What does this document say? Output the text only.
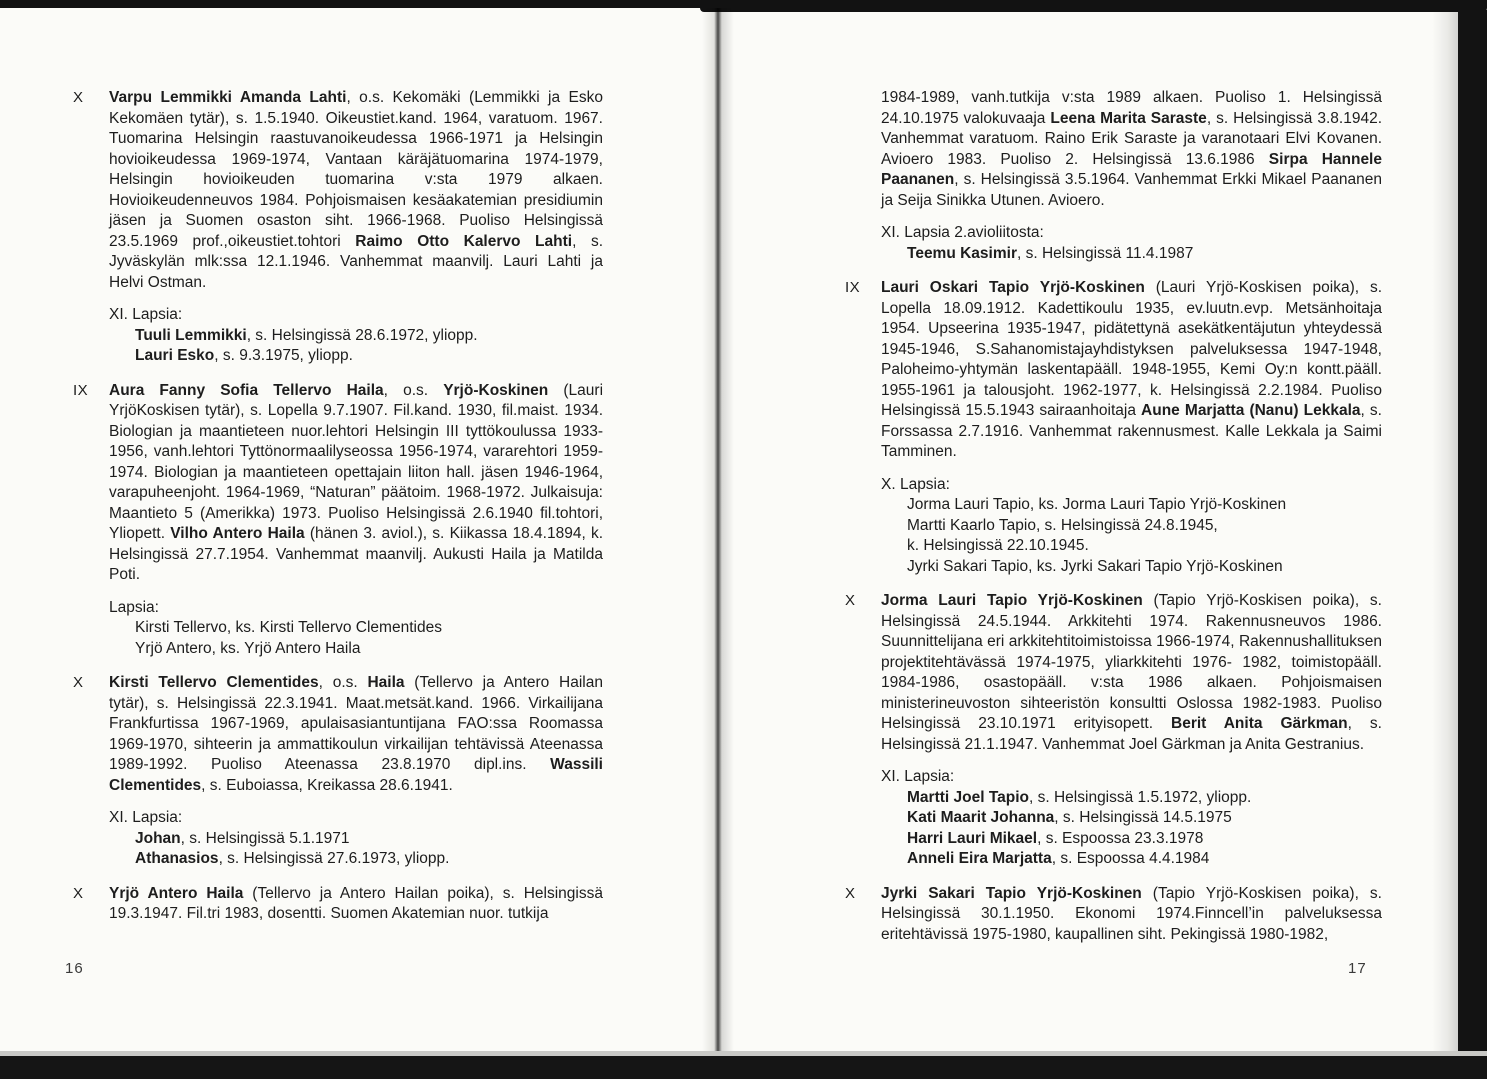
X	Varpu Lemmikki Amanda Lahti, o.s. Kekomäki (Lemmikki ja Esko Kekomäen tytär), s. 1.5.1940. Oikeustiet.kand. 1964, varatuom. 1967. Tuomarina Helsingin raastuvanoikeudessa 1966-1971 ja Helsingin hovioikeudessa 1969-1974, Vantaan käräjätuomarina 1974-1979, Helsingin hovioikeuden tuomarina v:sta 1979 alkaen. Hovioikeudenneuvos 1984. Pohjoismaisen kesäakatemian presidiumin jäsen ja Suomen osaston siht. 1966-1968. Puoliso Helsingissä 23.5.1969 prof.,oikeustiet.tohtori Raimo Otto Kalervo Lahti, s. Jyväskylän mlk:ssa 12.1.1946. Vanhemmat maanvilj. Lauri Lahti ja Helvi Ostman.
XI. Lapsia:
Tuuli Lemmikki, s. Helsingissä 28.6.1972, yliopp.
Lauri Esko, s. 9.3.1975, yliopp.
IX	Aura Fanny Sofia Tellervo Haila, o.s. Yrjö-Koskinen (Lauri YrjöKoskisen tytär), s. Lopella 9.7.1907. Fil.kand. 1930, fil.maist. 1934. Biologian ja maantieteen nuor.lehtori Helsingin III tyttökoulussa 1933-1956, vanh.lehtori Tyttönormaalilyseossa 1956-1974, vararehtori 1959-1974. Biologian ja maantieteen opettajain liiton hall. jäsen 1946-1964, varapuheenjoht. 1964-1969, “Naturan” päätoim. 1968-1972. Julkaisuja: Maantieto 5 (Amerikka) 1973. Puoliso Helsingissä 2.6.1940 fil.tohtori, Yliopett. Vilho Antero Haila (hänen 3. aviol.), s. Kiikassa 18.4.1894, k. Helsingissä 27.7.1954. Vanhemmat maanvilj. Aukusti Haila ja Matilda Poti.
Lapsia:
Kirsti Tellervo, ks. Kirsti Tellervo Clementides
Yrjö Antero, ks. Yrjö Antero Haila
X	Kirsti Tellervo Clementides, o.s. Haila (Tellervo ja Antero Hailan tytär), s. Helsingissä 22.3.1941. Maat.metsät.kand. 1966. Virkailijana Frankfurtissa 1967-1969, apulaisasiantuntijana FAO:ssa Roomassa 1969-1970, sihteerin ja ammattikoulun virkailijan tehtävissä Ateenassa 1989-1992. Puoliso Ateenassa 23.8.1970 dipl.ins. Wassili Clementides, s. Euboiassa, Kreikassa 28.6.1941.
XI. Lapsia:
Johan, s. Helsingissä 5.1.1971
Athanasios, s. Helsingissä 27.6.1973, yliopp.
X	Yrjö Antero Haila (Tellervo ja Antero Hailan poika), s. Helsingissä 19.3.1947. Fil.tri 1983, dosentti. Suomen Akatemian nuor. tutkija
16
1984-1989, vanh.tutkija v:sta 1989 alkaen. Puoliso 1. Helsingissä 24.10.1975 valokuvaaja Leena Marita Saraste, s. Helsingissä 3.8.1942. Vanhemmat varatuom. Raino Erik Saraste ja varanotaari Elvi Kovanen. Avioero 1983. Puoliso 2. Helsingissä 13.6.1986 Sirpa Hannele Paananen, s. Helsingissä 3.5.1964. Vanhemmat Erkki Mikael Paananen ja Seija Sinikka Utunen. Avioero.
XI. Lapsia 2.avioliitosta:
Teemu Kasimir, s. Helsingissä 11.4.1987
IX	Lauri Oskari Tapio Yrjö-Koskinen (Lauri Yrjö-Koskisen poika), s. Lopella 18.09.1912. Kadettikoulu 1935, ev.luutn.evp. Metsänhoitaja 1954. Upseerina 1935-1947, pidätettynä asekätkentäjutun yhteydessä 1945-1946, S.Sahanomistajayhdistyksen palveluksessa 1947-1948, Paloheimo-yhtymän laskentapääll. 1948-1955, Kemi Oy:n kontt.pääll. 1955-1961 ja talousjoht. 1962-1977, k. Helsingissä 2.2.1984. Puoliso Helsingissä 15.5.1943 sairaanhoitaja Aune Marjatta (Nanu) Lekkala, s. Forssassa 2.7.1916. Vanhemmat rakennusmest. Kalle Lekkala ja Saimi Tamminen.
X. Lapsia:
Jorma Lauri Tapio, ks. Jorma Lauri Tapio Yrjö-Koskinen
Martti Kaarlo Tapio, s. Helsingissä 24.8.1945,
k. Helsingissä 22.10.1945.
Jyrki Sakari Tapio, ks. Jyrki Sakari Tapio Yrjö-Koskinen
X	Jorma Lauri Tapio Yrjö-Koskinen (Tapio Yrjö-Koskisen poika), s. Helsingissä 24.5.1944. Arkkitehti 1974. Rakennusneuvos 1986. Suunnittelijana eri arkkitehtitoimistoissa 1966-1974, Rakennushallituksen projektitehtävässä 1974-1975, yliarkkitehti 1976- 1982, toimistopääll. 1984-1986, osastopääll. v:sta 1986 alkaen. Pohjoismaisen ministerineuvoston sihteeristön konsultti Oslossa 1982-1983. Puoliso Helsingissä 23.10.1971 erityisopett. Berit Anita Gärkman, s. Helsingissä 21.1.1947. Vanhemmat Joel Gärkman ja Anita Gestranius.
XI. Lapsia:
Martti Joel Tapio, s. Helsingissä 1.5.1972, yliopp.
Kati Maarit Johanna, s. Helsingissä 14.5.1975
Harri Lauri Mikael, s. Espoossa 23.3.1978
Anneli Eira Marjatta, s. Espoossa 4.4.1984
X	Jyrki Sakari Tapio Yrjö-Koskinen (Tapio Yrjö-Koskisen poika), s. Helsingissä 30.1.1950. Ekonomi 1974.Finncell’in palveluksessa eritehtävissä 1975-1980, kaupallinen siht. Pekingissä 1980-1982,
17
